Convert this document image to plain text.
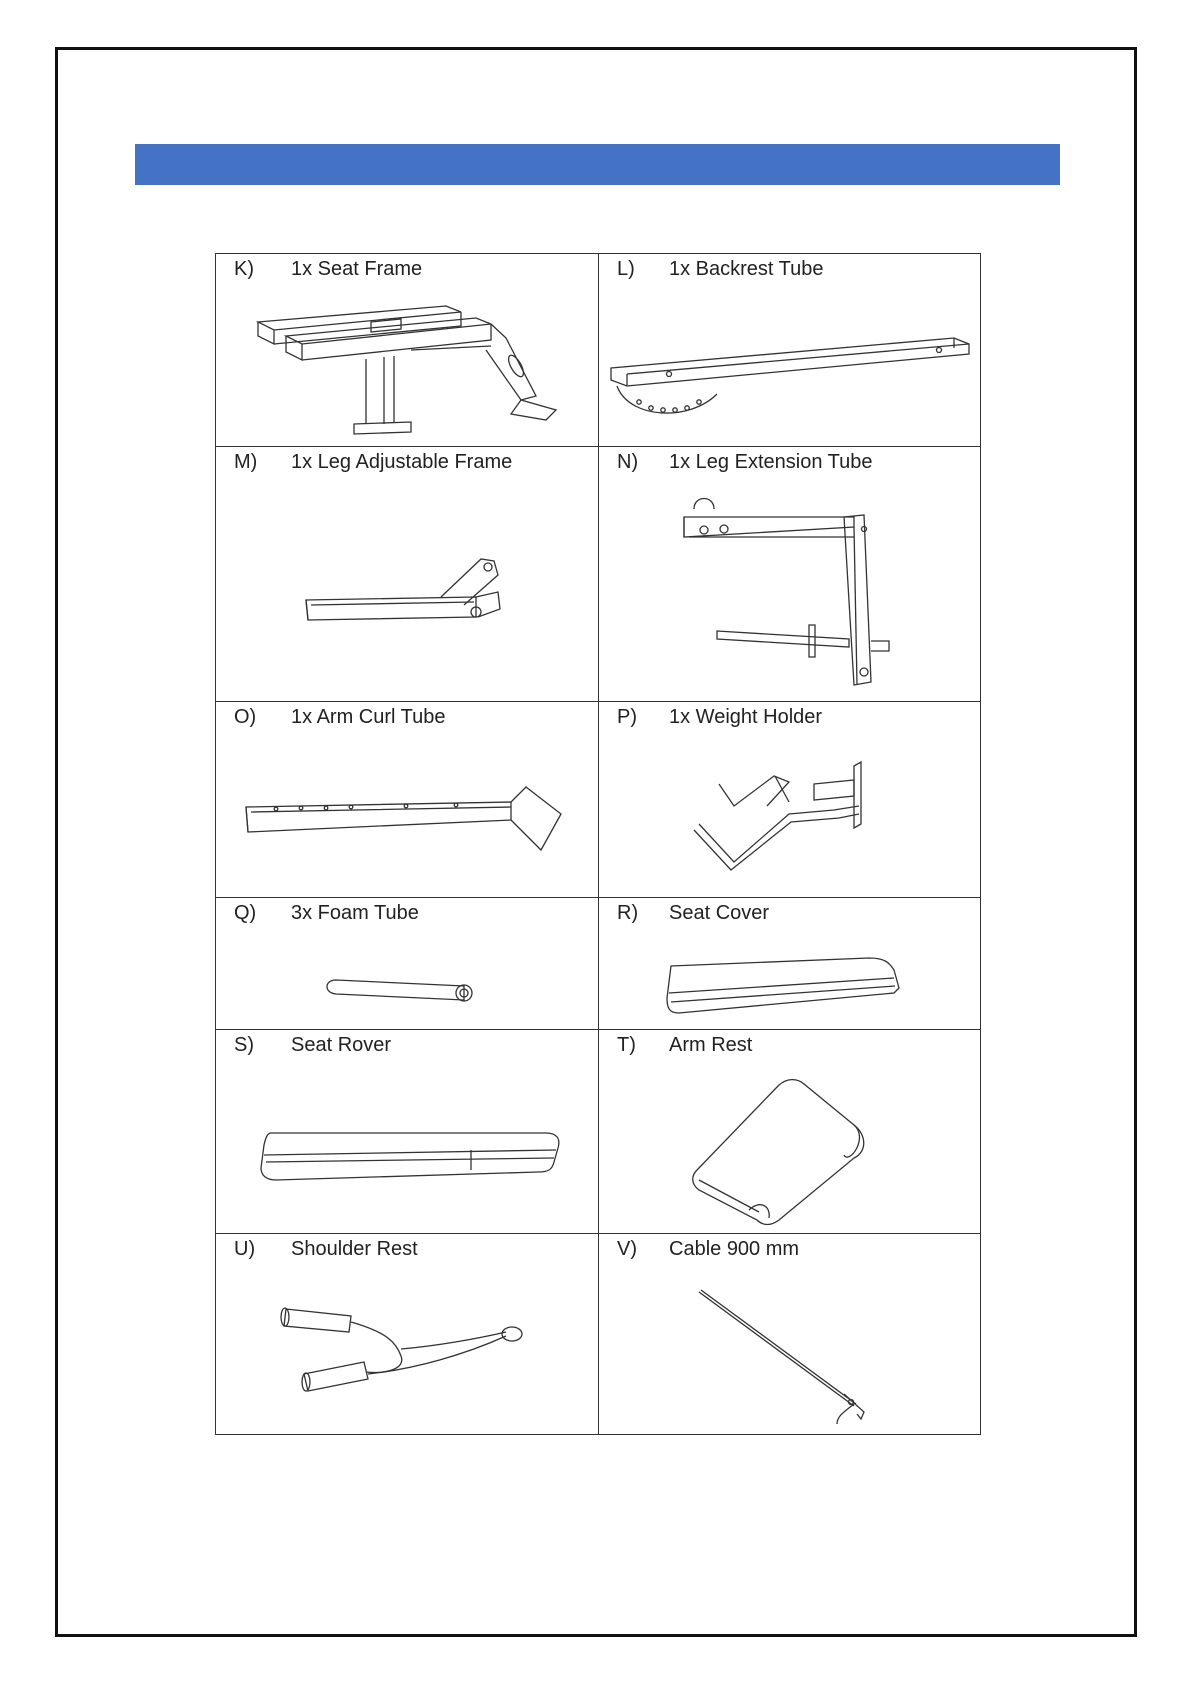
K) 1x Seat Frame	L) 1x Backrest Tube

M) 1x Leg Adjustable Frame	N) 1x Leg Extension Tube

O) 1x Arm Curl Tube	P) 1x Weight Holder

Q) 3x Foam Tube	R) Seat Cover

S) Seat Rover	T) Arm Rest

U) Shoulder Rest	V) Cable 900 mm
